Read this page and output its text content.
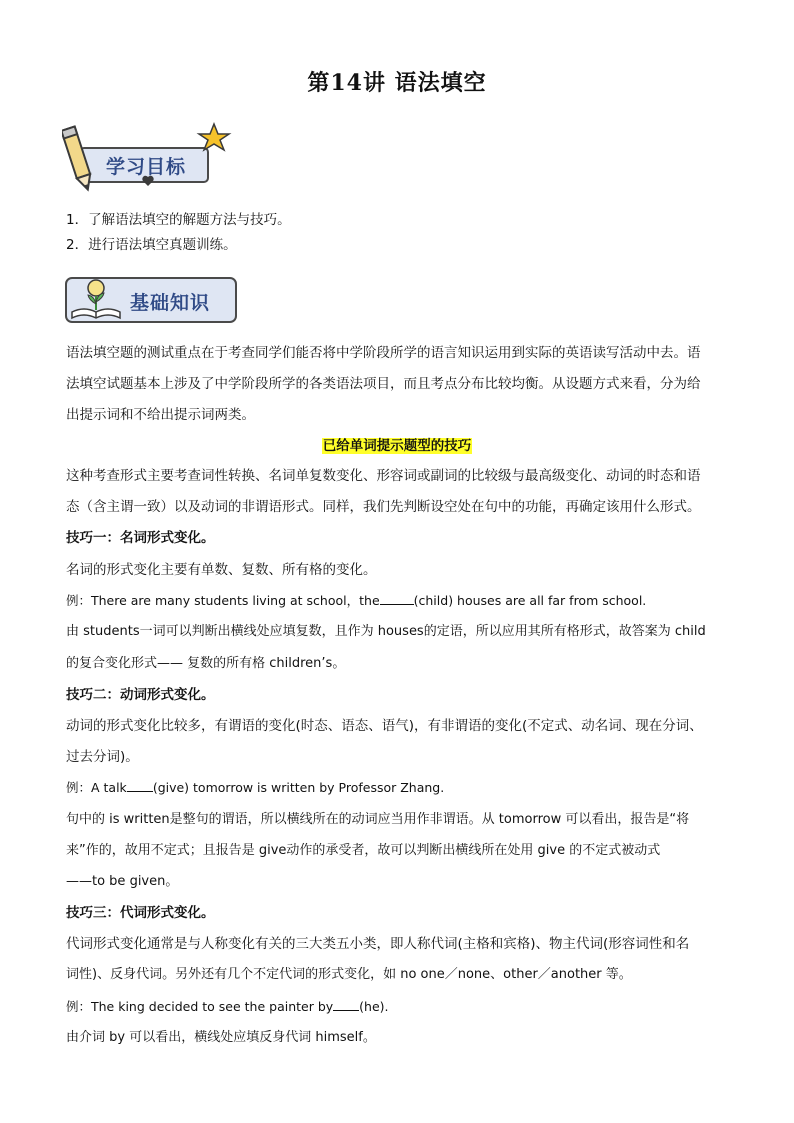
第14讲 语法填空
学习目标
1．了解语法填空的解题方法与技巧。
2．进行语法填空真题训练。
基础知识
语法填空题的测试重点在于考查同学们能否将中学阶段所学的语言知识运用到实际的英语读写活动中去。语
法填空试题基本上涉及了中学阶段所学的各类语法项目，而且考点分布比较均衡。从设题方式来看，分为给
出提示词和不给出提示词两类。
已给单词提示题型的技巧
这种考查形式主要考查词性转换、名词单复数变化、形容词或副词的比较级与最高级变化、动词的时态和语
态（含主谓一致）以及动词的非谓语形式。同样，我们先判断设空处在句中的功能，再确定该用什么形式。
技巧一：名词形式变化。
名词的形式变化主要有单数、复数、所有格的变化。
例：There are many students living at school，the	(child) houses are all far from school.
由 students一词可以判断出横线处应填复数，且作为 houses的定语，所以应用其所有格形式，故答案为 child
的复合变化形式—— 复数的所有格 children’s。
技巧二：动词形式变化。
动词的形式变化比较多，有谓语的变化(时态、语态、语气)，有非谓语的变化(不定式、动名词、现在分词、
过去分词)。
例：A talk (give) tomorrow is written by Professor Zhang.
句中的 is written是整句的谓语，所以横线所在的动词应当用作非谓语。从 tomorrow 可以看出，报告是“将
来”作的，故用不定式；且报告是 give动作的承受者，故可以判断出横线所在处用 give 的不定式被动式
——to be given。
技巧三：代词形式变化。
代词形式变化通常是与人称变化有关的三大类五小类，即人称代词(主格和宾格)、物主代词(形容词性和名
词性)、反身代词。另外还有几个不定代词的形式变化，如 no one／none、other／another 等。
例：The king decided to see the painter by (he).
由介词 by 可以看出，横线处应填反身代词 himself。
